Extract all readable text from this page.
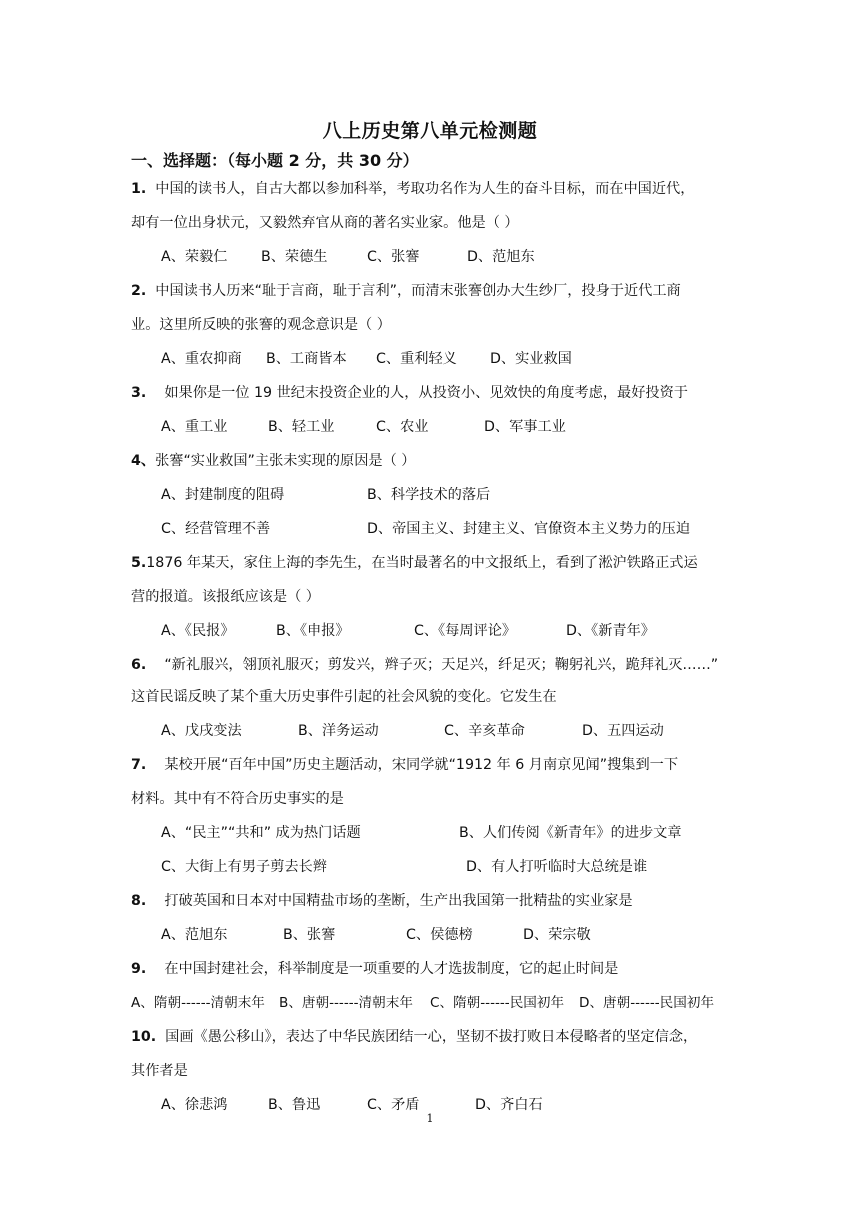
八上历史第八单元检测题
一、选择题：（每小题 2 分，共 30 分）
1. 中国的读书人，自古大都以参加科举，考取功名作为人生的奋斗目标，而在中国近代，
却有一位出身状元，又毅然弃官从商的著名实业家。他是（ ）
A、荣毅仁 B、荣德生	C、张謇	D、范旭东
2. 中国读书人历来“耻于言商，耻于言利”，而清末张謇创办大生纱厂，投身于近代工商
业。这里所反映的张謇的观念意识是（ ）
A、重农抑商 B、工商皆本 C、重利轻义 D、实业救国
3. 如果你是一位 19 世纪末投资企业的人，从投资小、见效快的角度考虑，最好投资于
A、重工业	B、轻工业	C、农业	D、军事工业
4、张謇“实业救国”主张未实现的原因是（ ）
A、封建制度的阻碍	B、科学技术的落后
C、经营管理不善	D、帝国主义、封建主义、官僚资本主义势力的压迫
5.1876 年某天，家住上海的李先生，在当时最著名的中文报纸上，看到了淞沪铁路正式运
营的报道。该报纸应该是（ ）
A、《民报》	B、《申报》	C、《每周评论》	D、《新青年》
6. “新礼服兴，翎顶礼服灭；剪发兴，辫子灭；天足兴，纤足灭；鞠躬礼兴，跪拜礼灭……”
这首民谣反映了某个重大历史事件引起的社会风貌的变化。它发生在
A、戊戌变法	B、洋务运动	C、辛亥革命	D、五四运动
7. 某校开展“百年中国”历史主题活动，宋同学就“1912 年 6 月南京见闻”搜集到一下
材料。其中有不符合历史事实的是
A、“民主”“共和” 成为热门话题	B、人们传阅《新青年》的进步文章
C、大街上有男子剪去长辫	D、有人打听临时大总统是谁
8. 打破英国和日本对中国精盐市场的垄断，生产出我国第一批精盐的实业家是
A、范旭东	B、张謇	C、侯德榜	D、荣宗敬
9. 在中国封建社会，科举制度是一项重要的人才选拔制度，它的起止时间是
A、隋朝------清朝末年 B、唐朝------清朝末年 C、隋朝------民国初年 D、唐朝------民国初年
10. 国画《愚公移山》，表达了中华民族团结一心，坚韧不拔打败日本侵略者的坚定信念，
其作者是
A、徐悲鸿	B、鲁迅	C、矛盾	D、齐白石
1
